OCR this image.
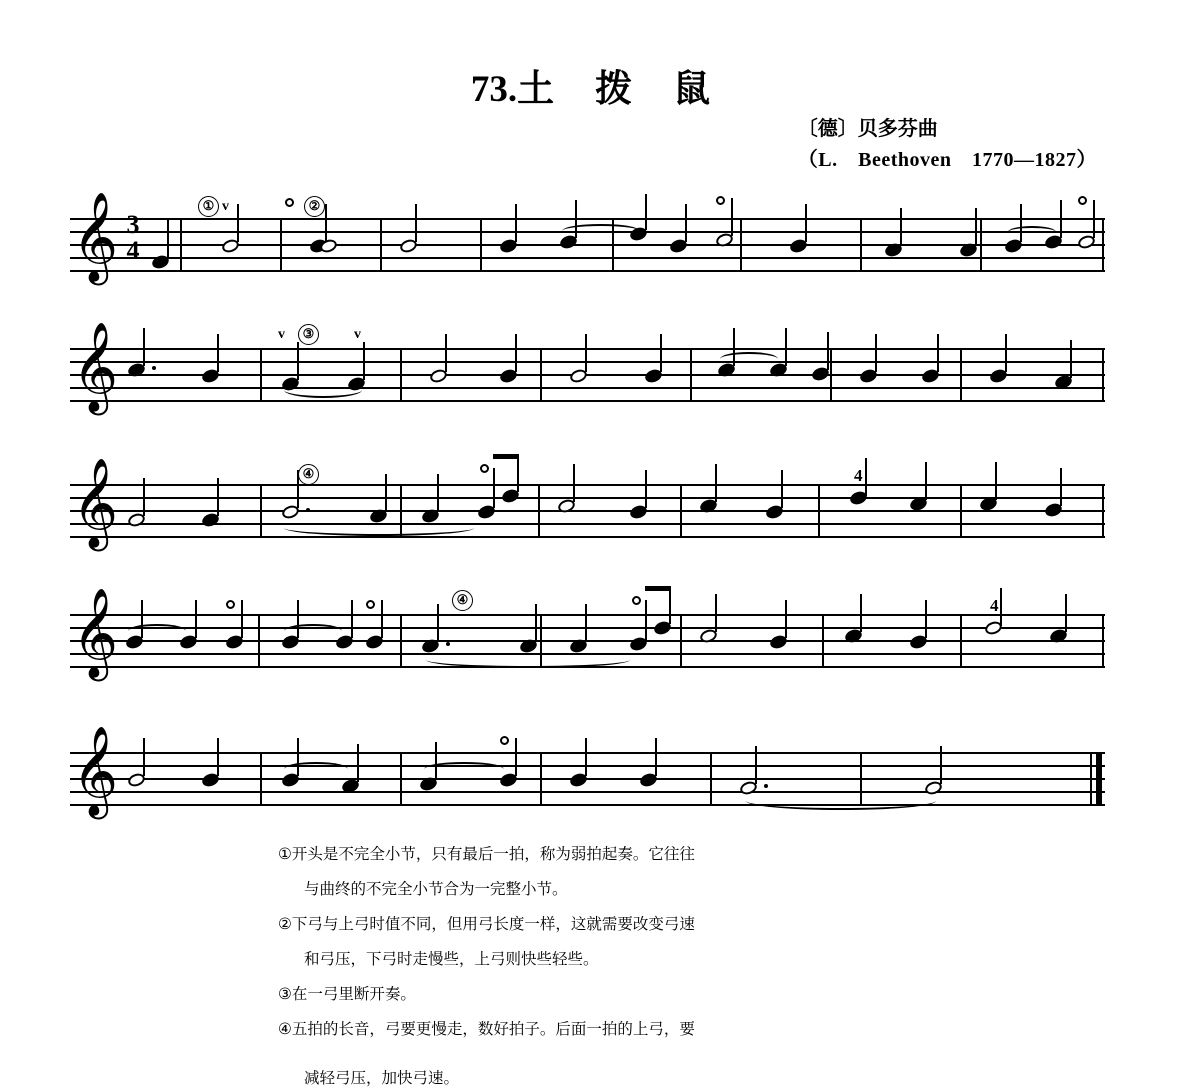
73.土　拨　鼠
〔德〕贝多芬曲
（L.　Beethoven　1770—1827）
𝄞 3
4
① v	②
𝄞	v	③	v
𝄞	④	4
𝄞	④	4
𝄞

①开头是不完全小节，只有最后一拍，称为弱拍起奏。它往往

与曲终的不完全小节合为一完整小节。

②下弓与上弓时值不同，但用弓长度一样，这就需要改变弓速

和弓压，下弓时走慢些，上弓则快些轻些。

③在一弓里断开奏。

④五拍的长音，弓要更慢走，数好拍子。后面一拍的上弓，要

减轻弓压，加快弓速。
